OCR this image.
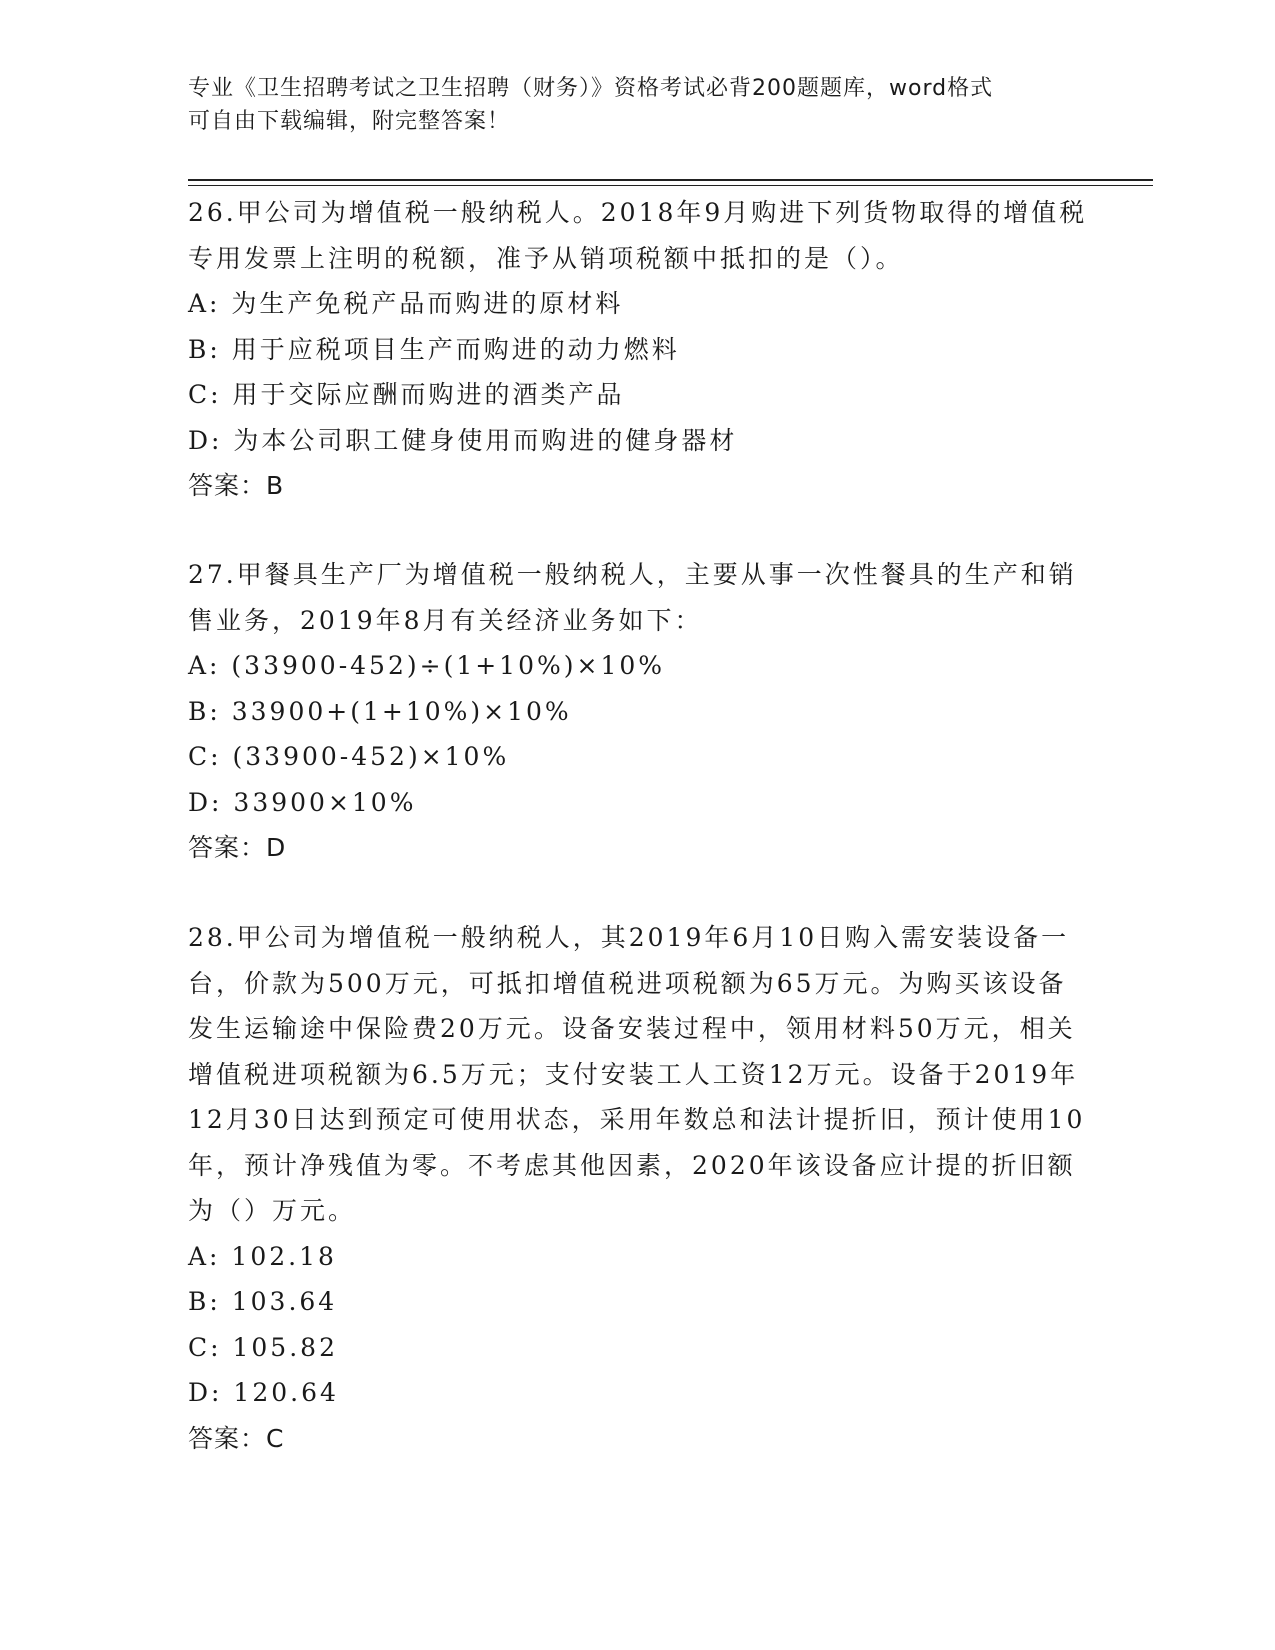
专业《卫生招聘考试之卫生招聘（财务）》资格考试必背200题题库，word格式
可自由下载编辑，附完整答案！
26.甲公司为增值税一般纳税人。2018年9月购进下列货物取得的增值税专用发票上注明的税额，准予从销项税额中抵扣的是（）。
A: 为生产免税产品而购进的原材料
B: 用于应税项目生产而购进的动力燃料
C: 用于交际应酬而购进的酒类产品
D: 为本公司职工健身使用而购进的健身器材
答案：B
27.甲餐具生产厂为增值税一般纳税人，主要从事一次性餐具的生产和销售业务，2019年8月有关经济业务如下：
A: (33900-452)÷(1+10%)×10%
B: 33900+(1+10%)×10%
C: (33900-452)×10%
D: 33900×10%
答案：D
28.甲公司为增值税一般纳税人，其2019年6月10日购入需安装设备一台，价款为500万元，可抵扣增值税进项税额为65万元。为购买该设备发生运输途中保险费20万元。设备安装过程中，领用材料50万元，相关增值税进项税额为6.5万元；支付安装工人工资12万元。设备于2019年12月30日达到预定可使用状态，采用年数总和法计提折旧，预计使用10年，预计净残值为零。不考虑其他因素，2020年该设备应计提的折旧额为（）万元。
A: 102.18
B: 103.64
C: 105.82
D: 120.64
答案：C
